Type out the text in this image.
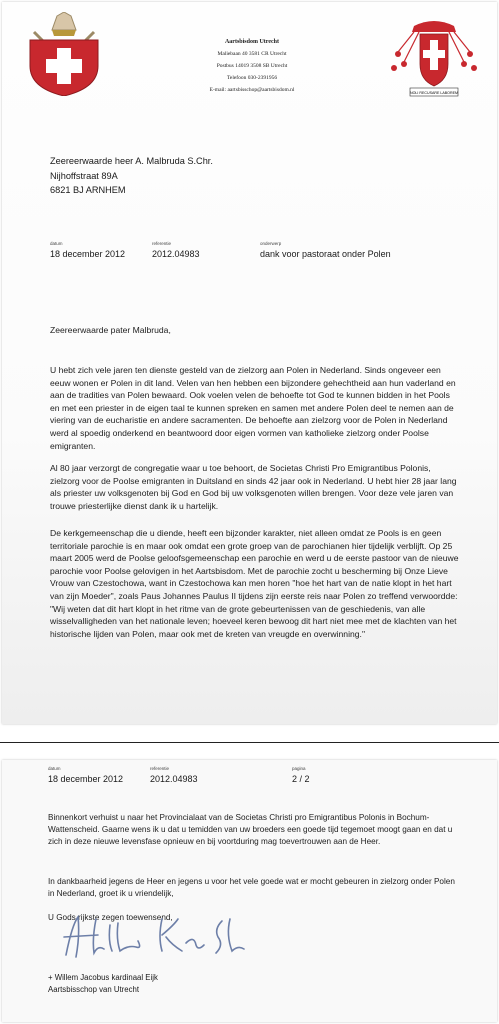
Aartsbisdom Utrecht
Maliebaan 40 3581 CR Utrecht
Postbus 14019 3508 SB Utrecht
Telefoon 030-2391956
E-mail: aartsbisschop@aartsbisdom.nl	NOLI RECUSARE LABOREM
Zeereerwaarde heer A. Malbruda S.Chr.
Nijhoffstraat 89A
6821 BJ ARNHEM
datum
18 december 2012
referentie
2012.04983
onderwerp
dank voor pastoraat onder Polen
Zeereerwaarde pater Malbruda,
U hebt zich vele jaren ten dienste gesteld van de zielzorg aan Polen in Nederland. Sinds ongeveer een eeuw wonen er Polen in dit land. Velen van hen hebben een bijzondere gehechtheid aan hun vaderland en aan de tradities van Polen bewaard. Ook voelen velen de behoefte tot God te kunnen bidden in het Pools en met een priester in de eigen taal te kunnen spreken en samen met andere Polen deel te nemen aan de viering van de eucharistie en andere sacramenten. De behoefte aan zielzorg voor de Polen in Nederland werd al spoedig onderkend en beantwoord door eigen vormen van katholieke zielzorg onder Poolse emigranten.
Al 80 jaar verzorgt de congregatie waar u toe behoort, de Societas Christi Pro Emigrantibus Polonis, zielzorg voor de Poolse emigranten in Duitsland en sinds 42 jaar ook in Nederland. U hebt hier 28 jaar lang als priester uw volksgenoten bij God en God bij uw volksgenoten willen brengen. Voor deze vele jaren van trouwe priesterlijke dienst dank ik u hartelijk.
De kerkgemeenschap die u diende, heeft een bijzonder karakter, niet alleen omdat ze Pools is en geen territoriale parochie is en maar ook omdat een grote groep van de parochianen hier tijdelijk verblijft. Op 25 maart 2005 werd de Poolse geloofsgemeenschap een parochie en werd u de eerste pastoor van de nieuwe parochie voor Poolse gelovigen in het Aartsbisdom. Met de parochie zocht u bescherming bij Onze Lieve Vrouw van Czestochowa, want in Czestochowa kan men horen "hoe het hart van de natie klopt in het hart van zijn Moeder", zoals Paus Johannes Paulus II tijdens zijn eerste reis naar Polen zo treffend verwoordde: "Wij weten dat dit hart klopt in het ritme van de grote gebeurtenissen van de geschiedenis, van alle wisselvalligheden van het nationale leven; hoeveel keren bewoog dit hart niet mee met de klachten van het historische lijden van Polen, maar ook met de kreten van vreugde en overwinning."
datum
18 december 2012
referentie
2012.04983
pagina
2 / 2
Binnenkort verhuist u naar het Provincialaat van de Societas Christi pro Emigrantibus Polonis in Bochum-Wattenscheid. Gaarne wens ik u dat u temidden van uw broeders een goede tijd tegemoet moogt gaan en dat u zich in deze nieuwe levensfase opnieuw en bij voortduring mag toevertrouwen aan de Heer.
In dankbaarheid jegens de Heer en jegens u voor het vele goede wat er mocht gebeuren in zielzorg onder Polen in Nederland, groet ik u vriendelijk,
U Gods rijkste zegen toewensend,
+ Willem Jacobus kardinaal Eijk
Aartsbisschop van Utrecht
